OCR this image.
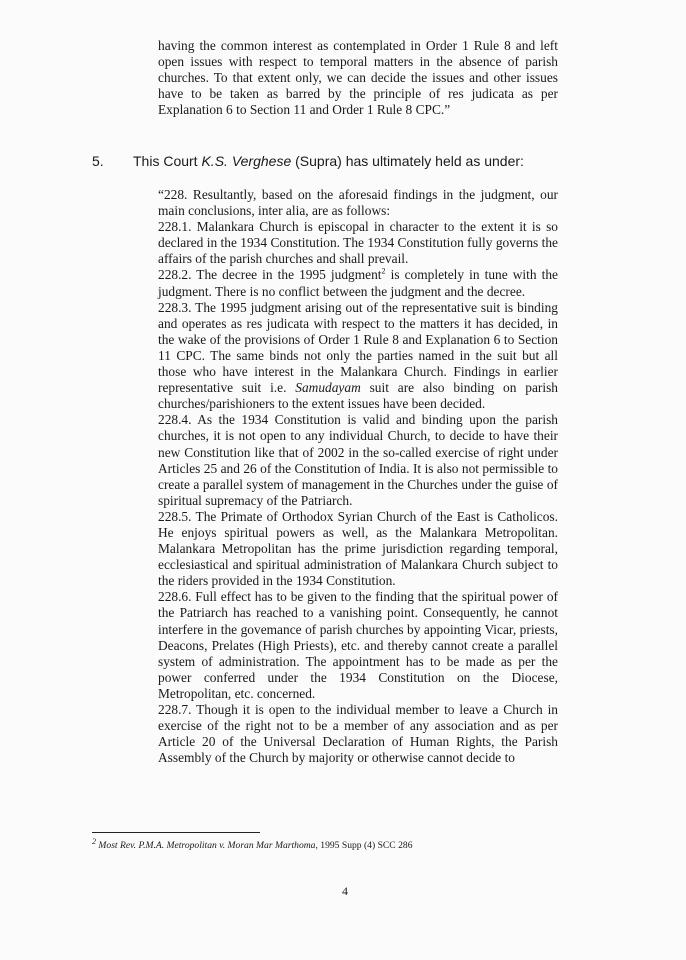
having the common interest as contemplated in Order 1 Rule 8 and left open issues with respect to temporal matters in the absence of parish churches. To that extent only, we can decide the issues and other issues have to be taken as barred by the principle of res judicata as per Explanation 6 to Section 11 and Order 1 Rule 8 CPC.”
5. This Court K.S. Verghese (Supra) has ultimately held as under:

“228. Resultantly, based on the aforesaid findings in the judgment, our main conclusions, inter alia, are as follows:

228.1. Malankara Church is episcopal in character to the extent it is so declared in the 1934 Constitution. The 1934 Constitution fully governs the affairs of the parish churches and shall prevail.

228.2. The decree in the 1995 judgment$^2$ is completely in tune with the judgment. There is no conflict between the judgment and the decree.

228.3. The 1995 judgment arising out of the representative suit is binding and operates as res judicata with respect to the matters it has decided, in the wake of the provisions of Order 1 Rule 8 and Explanation 6 to Section 11 CPC. The same binds not only the parties named in the suit but all those who have interest in the Malankara Church. Findings in earlier representative suit i.e. Samudayam suit are also binding on parish churches/parishioners to the extent issues have been decided.

228.4. As the 1934 Constitution is valid and binding upon the parish churches, it is not open to any individual Church, to decide to have their new Constitution like that of 2002 in the so-called exercise of right under Articles 25 and 26 of the Constitution of India. It is also not permissible to create a parallel system of management in the Churches under the guise of spiritual supremacy of the Patriarch.

228.5. The Primate of Orthodox Syrian Church of the East is Catholicos. He enjoys spiritual powers as well, as the Malankara Metropolitan. Malankara Metropolitan has the prime jurisdiction regarding temporal, ecclesiastical and spiritual administration of Malankara Church subject to the riders provided in the 1934 Constitution.

228.6. Full effect has to be given to the finding that the spiritual power of the Patriarch has reached to a vanishing point. Consequently, he cannot interfere in the govemance of parish churches by appointing Vicar, priests, Deacons, Prelates (High Priests), etc. and thereby cannot create a parallel system of administration. The appointment has to be made as per the power conferred under the 1934 Constitution on the Diocese, Metropolitan, etc. concerned.

228.7. Though it is open to the individual member to leave a Church in exercise of the right not to be a member of any association and as per Article 20 of the Universal Declaration of Human Rights, the Parish Assembly of the Church by majority or otherwise cannot decide to

$^2$ Most Rev. P.M.A. Metropolitan v. Moran Mar Marthoma, 1995 Supp (4) SCC 286
4
